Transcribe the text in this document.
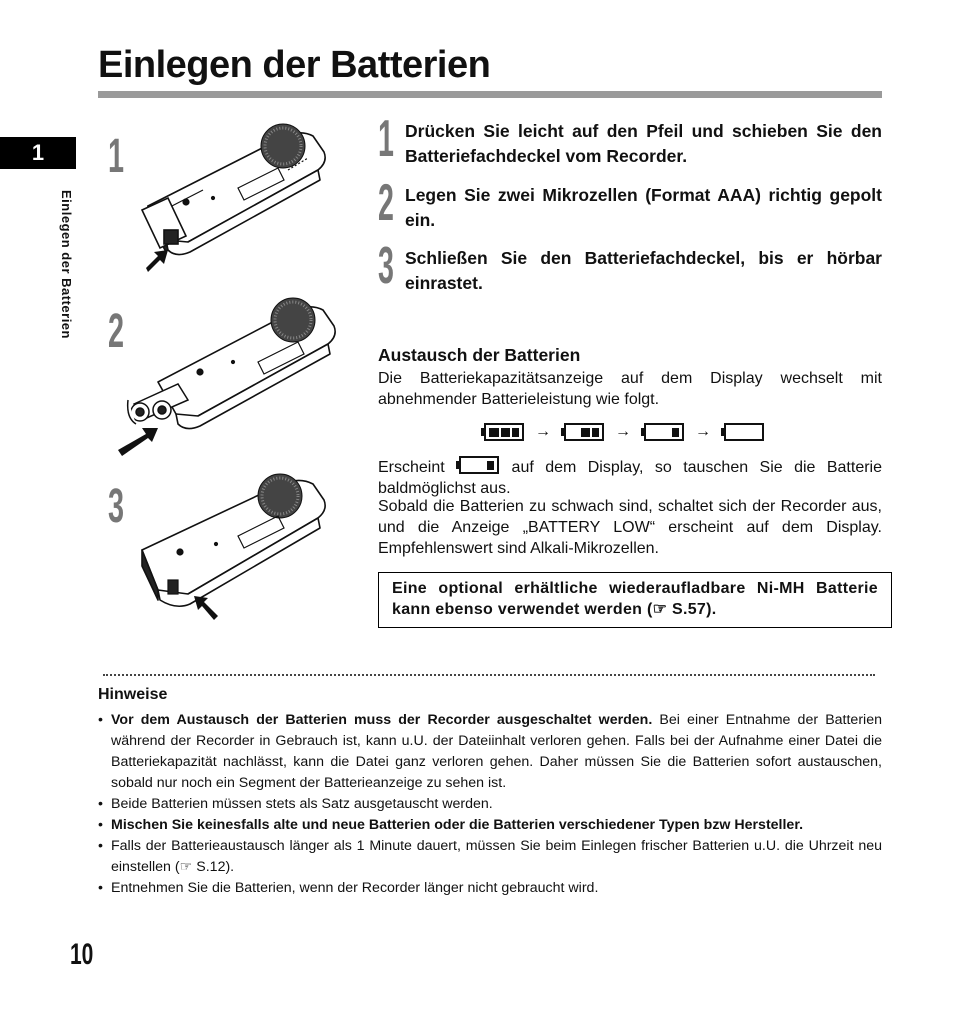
Einlegen der Batterien
1
Einlegen der Batterien
1
2
3
1 Drücken Sie leicht auf den Pfeil und schieben Sie den Batteriefachdeckel vom Recorder.
2 Legen Sie zwei Mikrozellen (Format AAA) richtig gepolt ein.
3 Schließen Sie den Batteriefachdeckel, bis er hörbar einrastet.
Austausch der Batterien
Die Batteriekapazitätsanzeige auf dem Display wechselt mit abnehmender Batterieleistung wie folgt.
→	→	→
Erscheint	auf dem Display, so tauschen Sie die Batterie baldmöglichst aus.
Sobald die Batterien zu schwach sind, schaltet sich der Recorder aus, und die Anzeige „BATTERY LOW“ erscheint auf dem Display. Empfehlenswert sind Alkali-Mikrozellen.
Eine optional erhältliche wiederaufladbare Ni-MH Batterie kann ebenso verwendet werden (☞ S.57).
Hinweise
• Vor dem Austausch der Batterien muss der Recorder ausgeschaltet werden. Bei einer Entnahme der Batterien während der Recorder in Gebrauch ist, kann u.U. der Dateiinhalt verloren gehen. Falls bei der Aufnahme einer Datei die Batteriekapazität nachlässt, kann die Datei ganz verloren gehen. Daher müssen Sie die Batterien sofort austauschen, sobald nur noch ein Segment der Batterieanzeige zu sehen ist.
• Beide Batterien müssen stets als Satz ausgetauscht werden.
• Mischen Sie keinesfalls alte und neue Batterien oder die Batterien verschiedener Typen bzw Hersteller.
• Falls der Batterieaustausch länger als 1 Minute dauert, müssen Sie beim Einlegen frischer Batterien u.U. die Uhrzeit neu einstellen (☞ S.12).
• Entnehmen Sie die Batterien, wenn der Recorder länger nicht gebraucht wird.
10
